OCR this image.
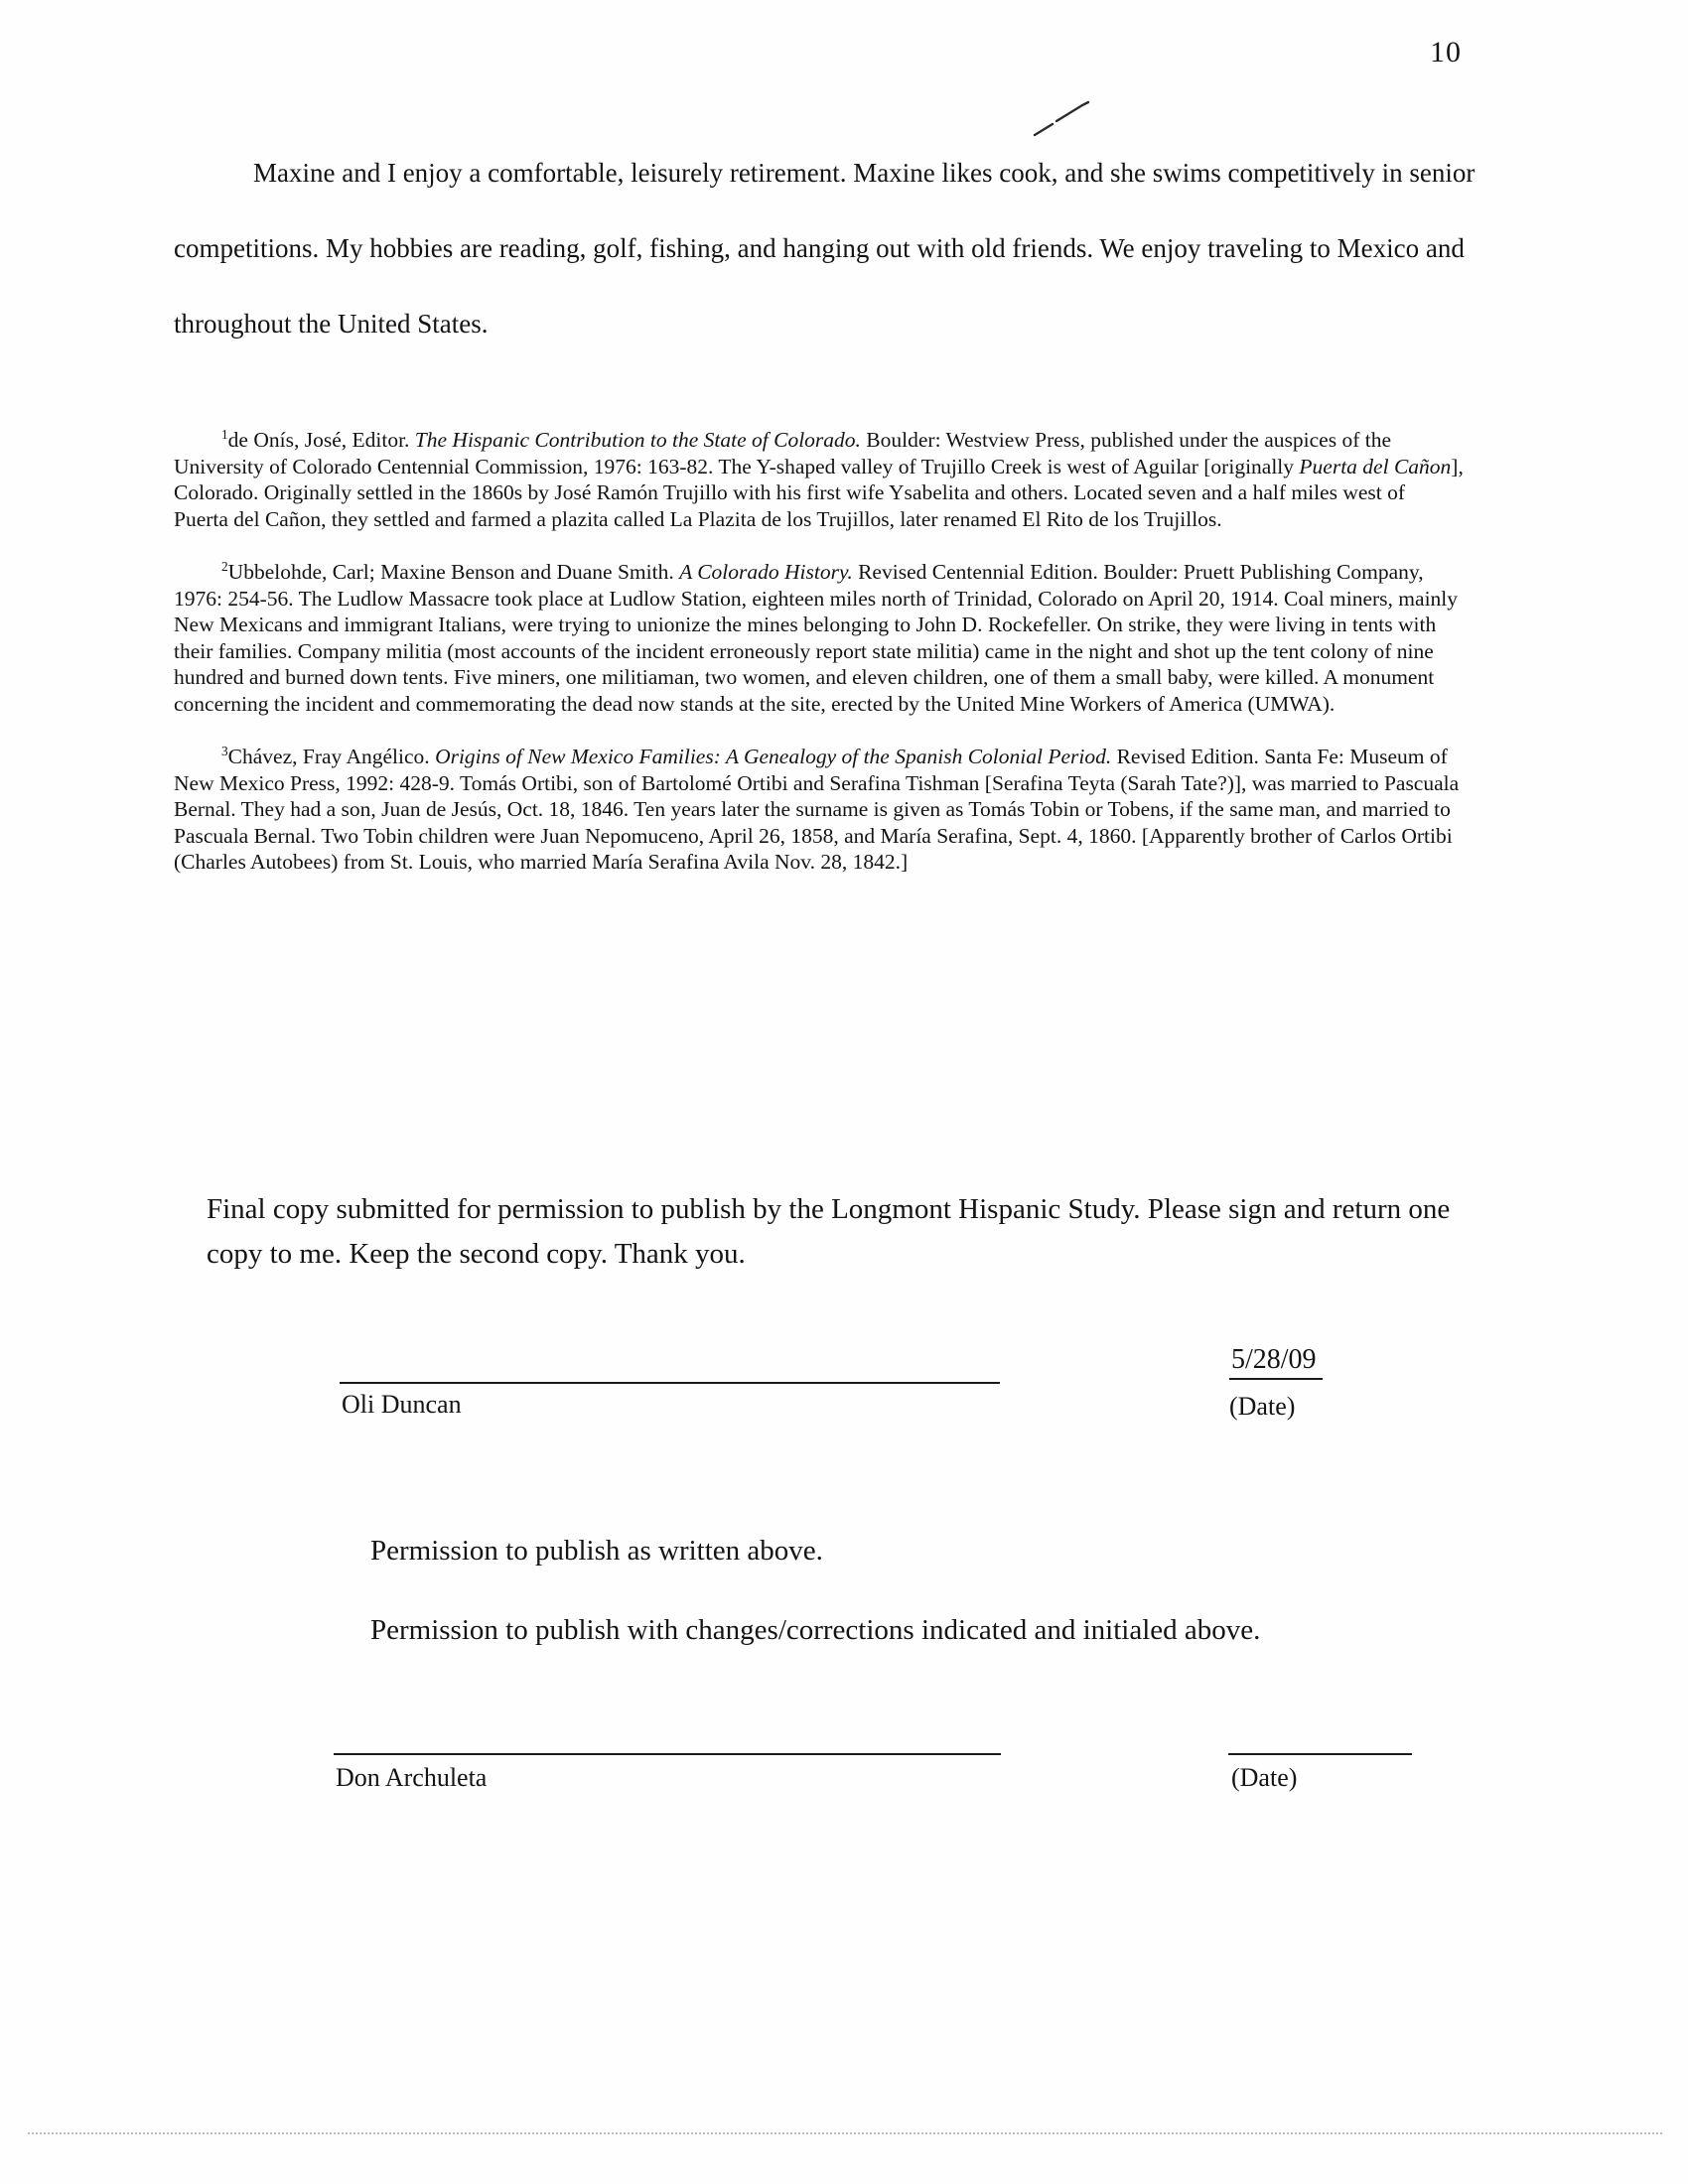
10

Maxine and I enjoy a comfortable, leisurely retirement. Maxine likes cook, and she swims competitively in senior competitions. My hobbies are reading, golf, fishing, and hanging out with old friends. We enjoy traveling to Mexico and throughout the United States.

$^1$de Onís, José, Editor. The Hispanic Contribution to the State of Colorado. Boulder: Westview Press, published under the auspices of the University of Colorado Centennial Commission, 1976: 163-82. The Y-shaped valley of Trujillo Creek is west of Aguilar [originally Puerta del Cañon], Colorado. Originally settled in the 1860s by José Ramón Trujillo with his first wife Ysabelita and others. Located seven and a half miles west of Puerta del Cañon, they settled and farmed a plazita called La Plazita de los Trujillos, later renamed El Rito de los Trujillos.

$^2$Ubbelohde, Carl; Maxine Benson and Duane Smith. A Colorado History. Revised Centennial Edition. Boulder: Pruett Publishing Company, 1976: 254-56. The Ludlow Massacre took place at Ludlow Station, eighteen miles north of Trinidad, Colorado on April 20, 1914. Coal miners, mainly New Mexicans and immigrant Italians, were trying to unionize the mines belonging to John D. Rockefeller. On strike, they were living in tents with their families. Company militia (most accounts of the incident erroneously report state militia) came in the night and shot up the tent colony of nine hundred and burned down tents. Five miners, one militiaman, two women, and eleven children, one of them a small baby, were killed. A monument concerning the incident and commemorating the dead now stands at the site, erected by the United Mine Workers of America (UMWA).

$^3$Chávez, Fray Angélico. Origins of New Mexico Families: A Genealogy of the Spanish Colonial Period. Revised Edition. Santa Fe: Museum of New Mexico Press, 1992: 428-9. Tomás Ortibi, son of Bartolomé Ortibi and Serafina Tishman [Serafina Teyta (Sarah Tate?)], was married to Pascuala Bernal. They had a son, Juan de Jesús, Oct. 18, 1846. Ten years later the surname is given as Tomás Tobin or Tobens, if the same man, and married to Pascuala Bernal. Two Tobin children were Juan Nepomuceno, April 26, 1858, and María Serafina, Sept. 4, 1860. [Apparently brother of Carlos Ortibi (Charles Autobees) from St. Louis, who married María Serafina Avila Nov. 28, 1842.]

Final copy submitted for permission to publish by the Longmont Hispanic Study. Please sign and return one copy to me. Keep the second copy. Thank you.

Oli Duncan
5/28/09
(Date)

Permission to publish as written above.

Permission to publish with changes/corrections indicated and initialed above.

Don Archuleta	(Date)
